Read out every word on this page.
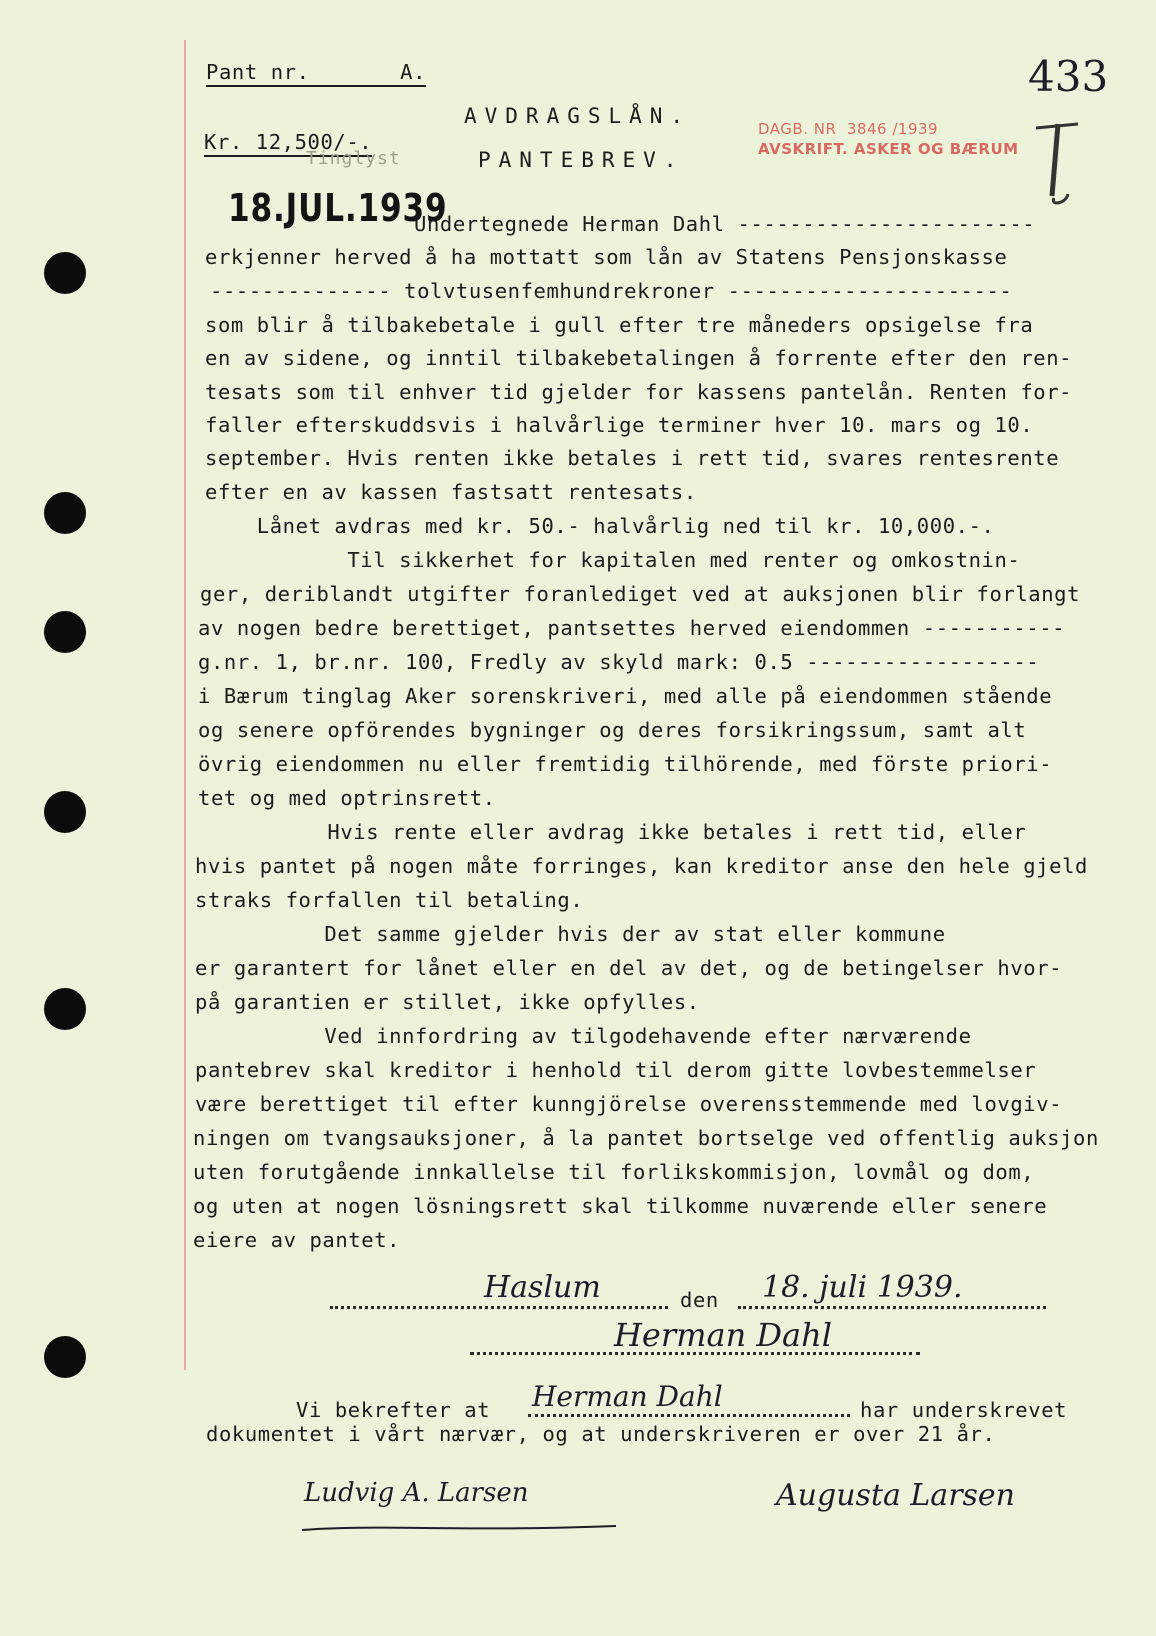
Pant nr.       A.
Kr. 12,500/-.
AVDRAGSLÅN.
PANTEBREV.
Tinglyst
18.JUL.1939
DAGB. NR  3846 /1939
AVSKRIFT. ASKER OG BÆRUM
433
Undertegnede Herman Dahl -----------------------
erkjenner herved å ha mottatt som lån av Statens Pensjonskasse
-------------- tolvtusenfemhundrekroner ----------------------
som blir å tilbakebetale i gull efter tre måneders opsigelse fra
en av sidene, og inntil tilbakebetalingen å forrente efter den ren-
tesats som til enhver tid gjelder for kassens pantelån. Renten for-
faller efterskuddsvis i halvårlige terminer hver 10. mars og 10.
september. Hvis renten ikke betales i rett tid, svares rentesrente
efter en av kassen fastsatt rentesats.
Lånet avdras med kr. 50.- halvårlig ned til kr. 10,000.-.
Til sikkerhet for kapitalen med renter og omkostnin-
ger, deriblandt utgifter foranlediget ved at auksjonen blir forlangt
av nogen bedre berettiget, pantsettes herved eiendommen -----------
g.nr. 1, br.nr. 100, Fredly av skyld mark: 0.5 ------------------
i Bærum tinglag Aker sorenskriveri, med alle på eiendommen stående
og senere opförendes bygninger og deres forsikringssum, samt alt
övrig eiendommen nu eller fremtidig tilhörende, med förste priori-
tet og med optrinsrett.
Hvis rente eller avdrag ikke betales i rett tid, eller
hvis pantet på nogen måte forringes, kan kreditor anse den hele gjeld
straks forfallen til betaling.
Det samme gjelder hvis der av stat eller kommune
er garantert for lånet eller en del av det, og de betingelser hvor-
på garantien er stillet, ikke opfylles.
Ved innfordring av tilgodehavende efter nærværende
pantebrev skal kreditor i henhold til derom gitte lovbestemmelser
være berettiget til efter kunngjörelse overensstemmende med lovgiv-
ningen om tvangsauksjoner, å la pantet bortselge ved offentlig auksjon
uten forutgående innkallelse til forlikskommisjon, lovmål og dom,
og uten at nogen lösningsrett skal tilkomme nuværende eller senere
eiere av pantet.
Haslum	den 18. juli 1939.
Herman Dahl
Vi bekrefter at Herman Dahl	har underskrevet
dokumentet i vårt nærvær, og at underskriveren er over 21 år.
Ludvig A. Larsen	Augusta Larsen
